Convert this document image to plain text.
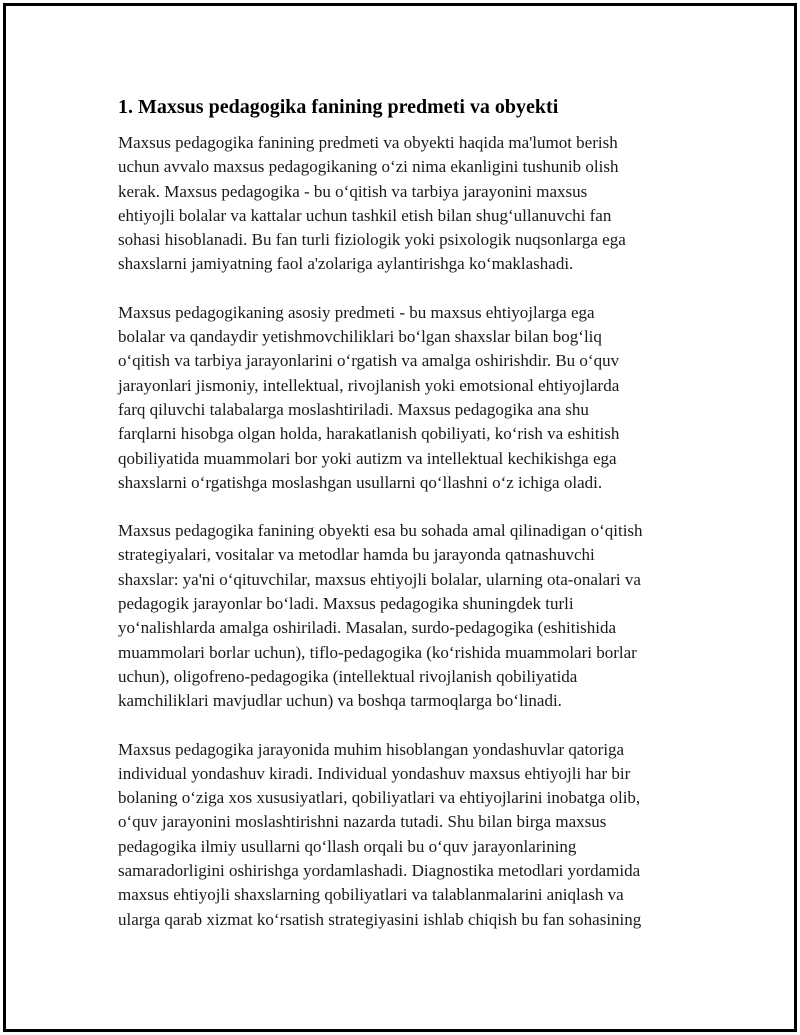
1. Maxsus pedagogika fanining predmeti va obyekti

Maxsus pedagogika fanining predmeti va obyekti haqida ma'lumot berish
uchun avvalo maxsus pedagogikaning o‘zi nima ekanligini tushunib olish
kerak. Maxsus pedagogika - bu o‘qitish va tarbiya jarayonini maxsus
ehtiyojli bolalar va kattalar uchun tashkil etish bilan shug‘ullanuvchi fan
sohasi hisoblanadi. Bu fan turli fiziologik yoki psixologik nuqsonlarga ega
shaxslarni jamiyatning faol a'zolariga aylantirishga ko‘maklashadi.

Maxsus pedagogikaning asosiy predmeti - bu maxsus ehtiyojlarga ega
bolalar va qandaydir yetishmovchiliklari bo‘lgan shaxslar bilan bog‘liq
o‘qitish va tarbiya jarayonlarini o‘rgatish va amalga oshirishdir. Bu o‘quv
jarayonlari jismoniy, intellektual, rivojlanish yoki emotsional ehtiyojlarda
farq qiluvchi talabalarga moslashtiriladi. Maxsus pedagogika ana shu
farqlarni hisobga olgan holda, harakatlanish qobiliyati, ko‘rish va eshitish
qobiliyatida muammolari bor yoki autizm va intellektual kechikishga ega
shaxslarni o‘rgatishga moslashgan usullarni qo‘llashni o‘z ichiga oladi.

Maxsus pedagogika fanining obyekti esa bu sohada amal qilinadigan o‘qitish
strategiyalari, vositalar va metodlar hamda bu jarayonda qatnashuvchi
shaxslar: ya'ni o‘qituvchilar, maxsus ehtiyojli bolalar, ularning ota-onalari va
pedagogik jarayonlar bo‘ladi. Maxsus pedagogika shuningdek turli
yo‘nalishlarda amalga oshiriladi. Masalan, surdo-pedagogika (eshitishida
muammolari borlar uchun), tiflo-pedagogika (ko‘rishida muammolari borlar
uchun), oligofreno-pedagogika (intellektual rivojlanish qobiliyatida
kamchiliklari mavjudlar uchun) va boshqa tarmoqlarga bo‘linadi.

Maxsus pedagogika jarayonida muhim hisoblangan yondashuvlar qatoriga
individual yondashuv kiradi. Individual yondashuv maxsus ehtiyojli har bir
bolaning o‘ziga xos xususiyatlari, qobiliyatlari va ehtiyojlarini inobatga olib,
o‘quv jarayonini moslashtirishni nazarda tutadi. Shu bilan birga maxsus
pedagogika ilmiy usullarni qo‘llash orqali bu o‘quv jarayonlarining
samaradorligini oshirishga yordamlashadi. Diagnostika metodlari yordamida
maxsus ehtiyojli shaxslarning qobiliyatlari va talablanmalarini aniqlash va
ularga qarab xizmat ko‘rsatish strategiyasini ishlab chiqish bu fan sohasining
